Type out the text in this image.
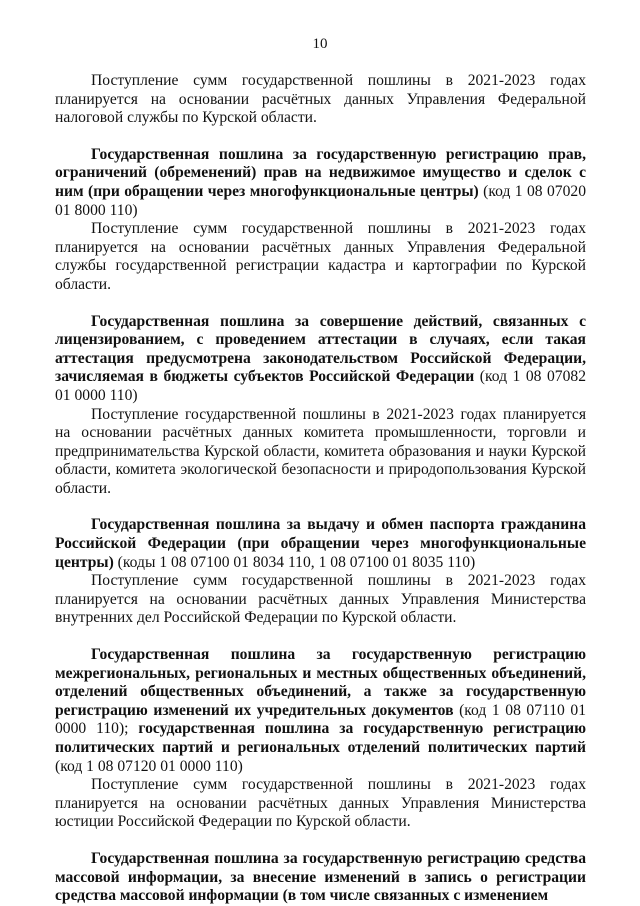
10

Поступление сумм государственной пошлины в 2021-2023 годах планируется на основании расчётных данных Управления Федеральной налоговой службы по Курской области.

Государственная пошлина за государственную регистрацию прав, ограничений (обременений) прав на недвижимое имущество и сделок с ним (при обращении через многофункциональные центры) (код 1 08 07020 01 8000 110)

Поступление сумм государственной пошлины в 2021-2023 годах планируется на основании расчётных данных Управления Федеральной службы государственной регистрации кадастра и картографии по Курской области.

Государственная пошлина за совершение действий, связанных с лицензированием, с проведением аттестации в случаях, если такая аттестация предусмотрена законодательством Российской Федерации, зачисляемая в бюджеты субъектов Российской Федерации (код 1 08 07082 01 0000 110)

Поступление государственной пошлины в 2021-2023 годах планируется на основании расчётных данных комитета промышленности, торговли и предпринимательства Курской области, комитета образования и науки Курской области, комитета экологической безопасности и природопользования Курской области.

Государственная пошлина за выдачу и обмен паспорта гражданина Российской Федерации (при обращении через многофункциональные центры) (коды 1 08 07100 01 8034 110, 1 08 07100 01 8035 110)

Поступление сумм государственной пошлины в 2021-2023 годах планируется на основании расчётных данных Управления Министерства внутренних дел Российской Федерации по Курской области.

Государственная пошлина за государственную регистрацию межрегиональных, региональных и местных общественных объединений, отделений общественных объединений, а также за государственную регистрацию изменений их учредительных документов (код 1 08 07110 01 0000 110); государственная пошлина за государственную регистрацию политических партий и региональных отделений политических партий (код 1 08 07120 01 0000 110)

Поступление сумм государственной пошлины в 2021-2023 годах планируется на основании расчётных данных Управления Министерства юстиции Российской Федерации по Курской области.

Государственная пошлина за государственную регистрацию средства массовой информации, за внесение изменений в запись о регистрации средства массовой информации (в том числе связанных с изменением
